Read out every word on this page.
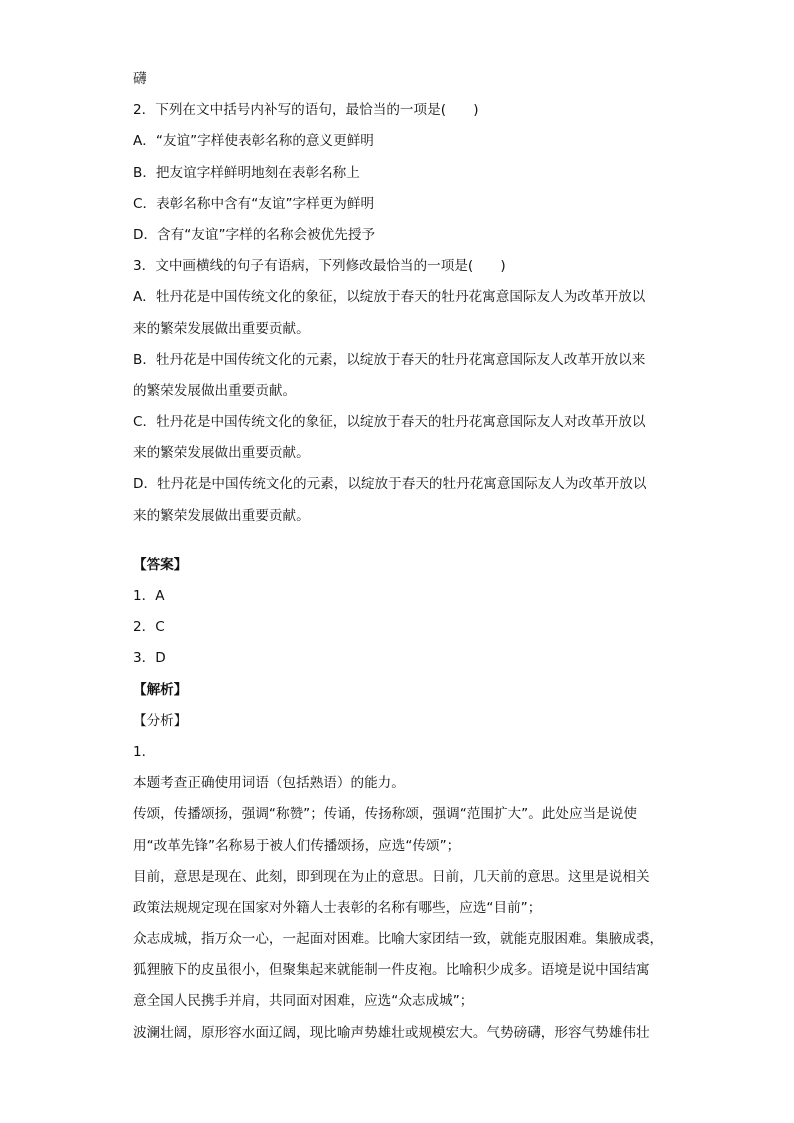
礴
2．下列在文中括号内补写的语句，最恰当的一项是(　　)
A．“友谊”字样使表彰名称的意义更鲜明
B．把友谊字样鲜明地刻在表彰名称上
C．表彰名称中含有“友谊”字样更为鲜明
D．含有“友谊”字样的名称会被优先授予
3．文中画横线的句子有语病，下列修改最恰当的一项是(　　)
A．牡丹花是中国传统文化的象征，以绽放于春天的牡丹花寓意国际友人为改革开放以
来的繁荣发展做出重要贡献。
B．牡丹花是中国传统文化的元素，以绽放于春天的牡丹花寓意国际友人改革开放以来
的繁荣发展做出重要贡献。
C．牡丹花是中国传统文化的象征，以绽放于春天的牡丹花寓意国际友人对改革开放以
来的繁荣发展做出重要贡献。
D．牡丹花是中国传统文化的元素，以绽放于春天的牡丹花寓意国际友人为改革开放以
来的繁荣发展做出重要贡献。
【答案】
1．A
2．C
3．D
【解析】
【分析】
1．
本题考查正确使用词语（包括熟语）的能力。
传颂，传播颂扬，强调“称赞”；传诵，传扬称颂，强调“范围扩大”。此处应当是说使
用“改革先锋”名称易于被人们传播颂扬，应选“传颂”；
目前，意思是现在、此刻，即到现在为止的意思。日前，几天前的意思。这里是说相关
政策法规规定现在国家对外籍人士表彰的名称有哪些，应选“目前”；
众志成城，指万众一心，一起面对困难。比喻大家团结一致，就能克服困难。集腋成裘，
狐狸腋下的皮虽很小，但聚集起来就能制一件皮袍。比喻积少成多。语境是说中国结寓
意全国人民携手并肩，共同面对困难，应选“众志成城”；
波澜壮阔，原形容水面辽阔，现比喻声势雄壮或规模宏大。气势磅礴，形容气势雄伟壮
